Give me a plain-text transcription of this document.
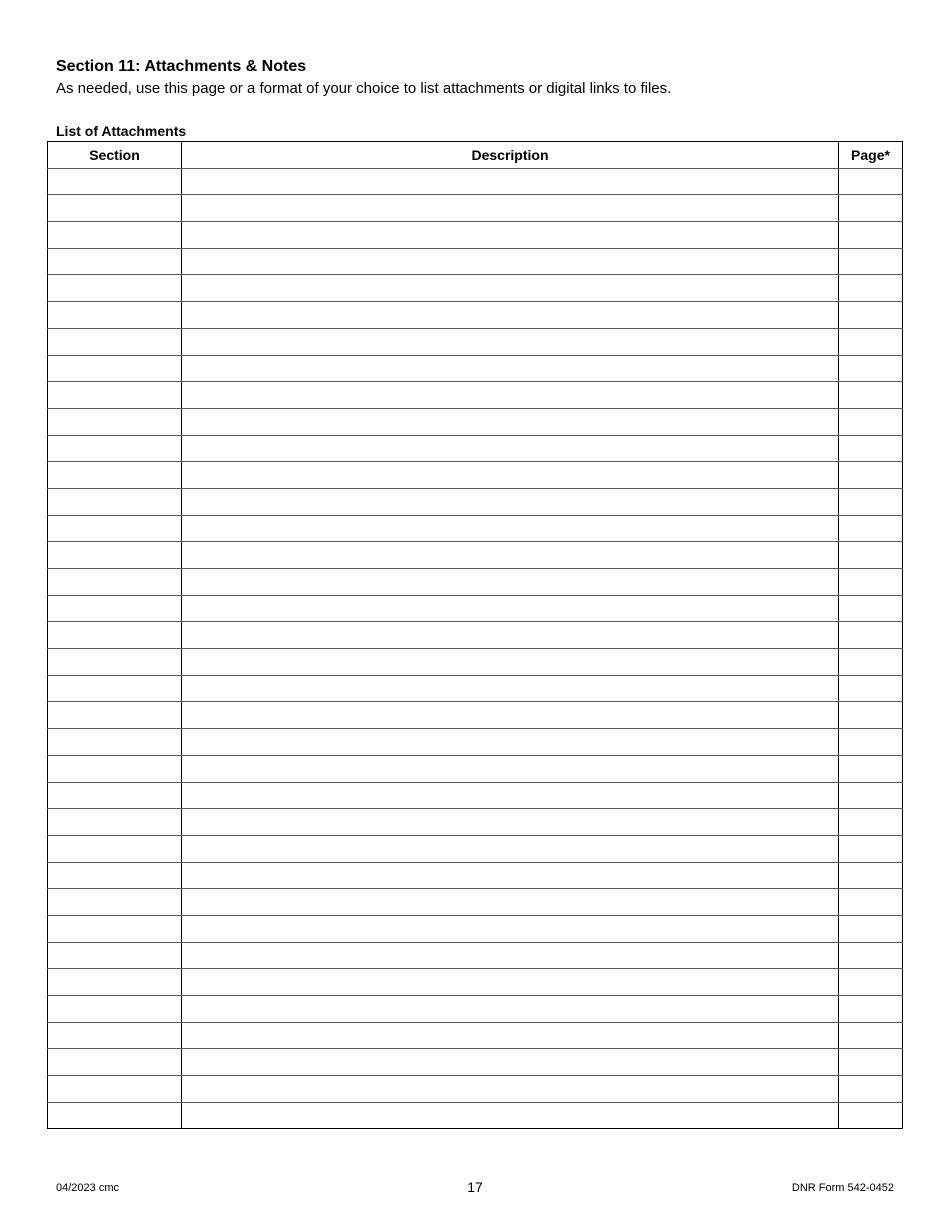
Section 11: Attachments & Notes

As needed, use this page or a format of your choice to list attachments or digital links to files.

List of Attachments

Section	Description	Page*

04/2023 cmc	17	DNR Form 542-0452
